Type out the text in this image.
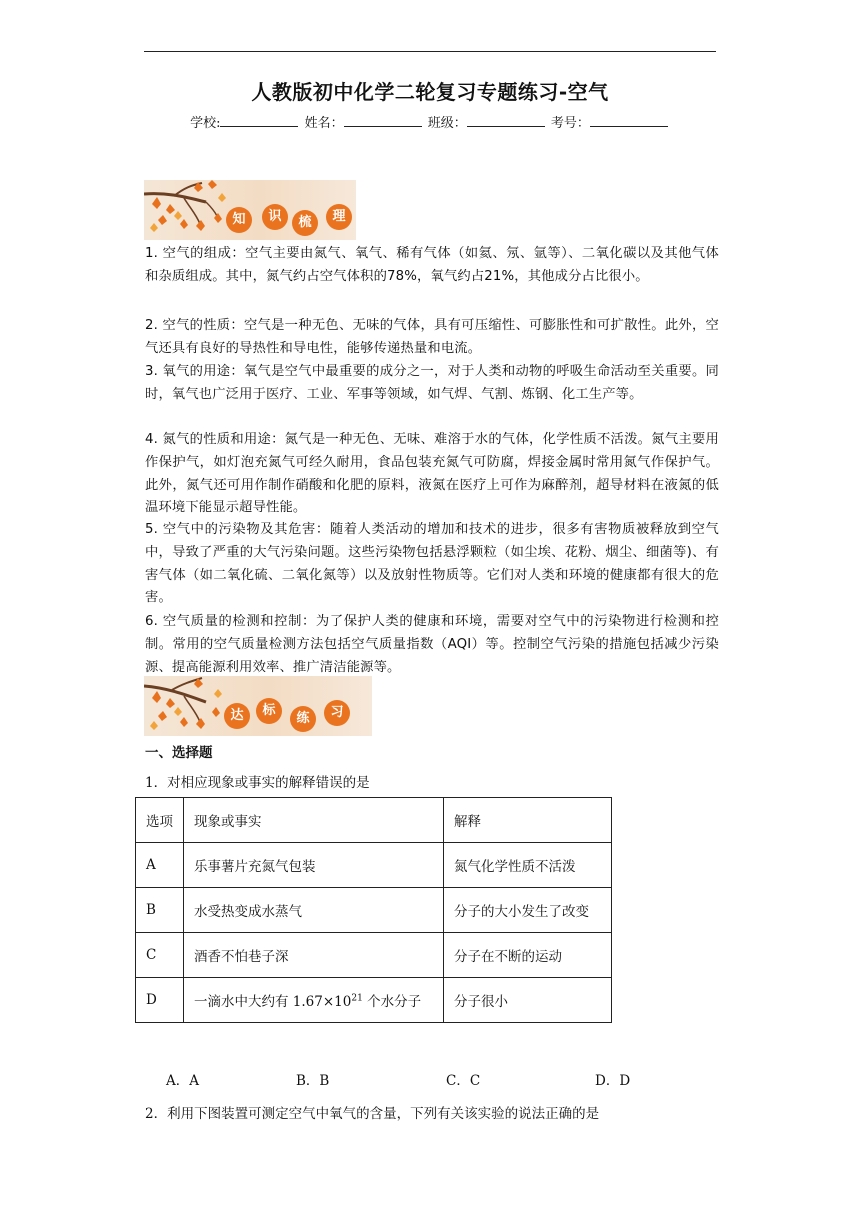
人教版初中化学二轮复习专题练习-空气
学校:	姓名：	班级：	考号：
知	识	梳	理
1. 空气的组成：空气主要由氮气、氧气、稀有气体（如氦、氖、氩等）、二氧化碳以及其他气体和杂质组成。其中，氮气约占空气体积的78%，氧气约占21%，其他成分占比很小。
2. 空气的性质：空气是一种无色、无味的气体，具有可压缩性、可膨胀性和可扩散性。此外，空气还具有良好的导热性和导电性，能够传递热量和电流。
3. 氧气的用途：氧气是空气中最重要的成分之一，对于人类和动物的呼吸生命活动至关重要。同时，氧气也广泛用于医疗、工业、军事等领域，如气焊、气割、炼钢、化工生产等。
4. 氮气的性质和用途：氮气是一种无色、无味、难溶于水的气体，化学性质不活泼。氮气主要用作保护气，如灯泡充氮气可经久耐用，食品包装充氮气可防腐，焊接金属时常用氮气作保护气。此外，氮气还可用作制作硝酸和化肥的原料，液氮在医疗上可作为麻醉剂，超导材料在液氮的低温环境下能显示超导性能。
5. 空气中的污染物及其危害：随着人类活动的增加和技术的进步，很多有害物质被释放到空气中，导致了严重的大气污染问题。这些污染物包括悬浮颗粒（如尘埃、花粉、烟尘、细菌等)、有害气体（如二氧化硫、二氧化氮等）以及放射性物质等。它们对人类和环境的健康都有很大的危害。
6. 空气质量的检测和控制：为了保护人类的健康和环境，需要对空气中的污染物进行检测和控制。常用的空气质量检测方法包括空气质量指数（AQI）等。控制空气污染的措施包括减少污染源、提高能源利用效率、推广清洁能源等。
达	标
练	习
一、选择题
1．对相应现象或事实的解释错误的是
选项	现象或事实	解释
A	乐事薯片充氮气包装	氮气化学性质不活泼
B	水受热变成水蒸气	分子的大小发生了改变
C	酒香不怕巷子深	分子在不断的运动
D	一滴水中大约有 $1.67\times 10^{21}$ 个水分子	分子很小
A．A	B．B	C．C	D．D
2．利用下图装置可测定空气中氧气的含量，下列有关该实验的说法正确的是
